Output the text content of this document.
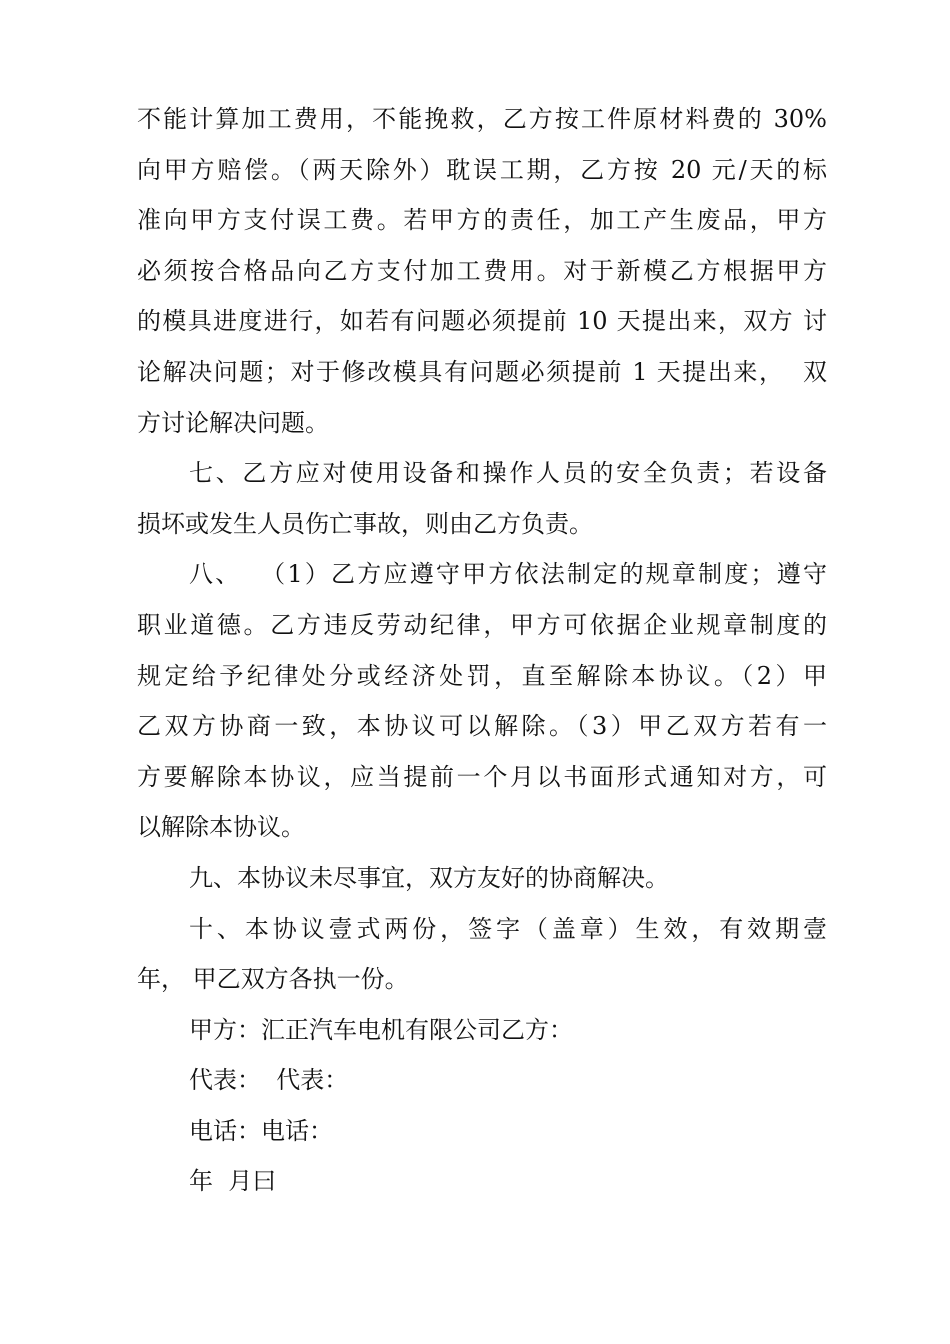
不能计算加工费用，不能挽救，乙方按工件原材料费的 30%
向甲方赔偿。（两天除外）耽误工期，乙方按 20 元/天的标
准向甲方支付误工费。若甲方的责任，加工产生废品，甲方
必须按合格品向乙方支付加工费用。对于新模乙方根据甲方
的模具进度进行，如若有问题必须提前 10 天提出来，双方 讨
论解决问题；对于修改模具有问题必须提前 1 天提出来，  双
方讨论解决问题。
七、乙方应对使用设备和操作人员的安全负责；若设备
损坏或发生人员伤亡事故，则由乙方负责。
八、  （1）乙方应遵守甲方依法制定的规章制度；遵守
职业道德。乙方违反劳动纪律，甲方可依据企业规章制度的
规定给予纪律处分或经济处罚，直至解除本协议。（2）甲
乙双方协商一致，本协议可以解除。（3）甲乙双方若有一
方要解除本协议，应当提前一个月以书面形式通知对方，可
以解除本协议。
九、本协议未尽事宜，双方友好的协商解决。
十、本协议壹式两份，签字（盖章）生效，有效期壹
年， 甲乙双方各执一份。
甲方：汇正汽车电机有限公司乙方：
代表：  代表：
电话：电话：
年  月曰
